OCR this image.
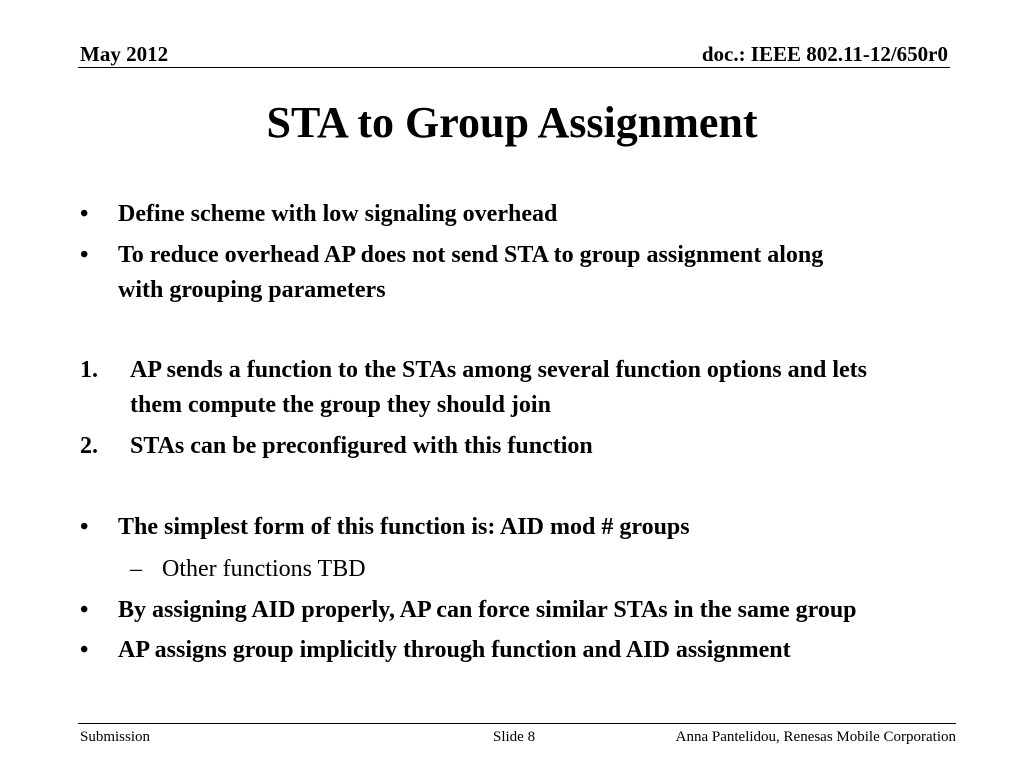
May 2012	doc.: IEEE 802.11-12/650r0
STA to Group Assignment
• Define scheme with low signaling overhead
• To reduce overhead AP does not send STA to group assignment along
with grouping parameters
1. AP sends a function to the STAs among several function options and lets
them compute the group they should join
2. STAs can be preconfigured with this function
• The simplest form of this function is: AID mod # groups
– Other functions TBD
• By assigning AID properly, AP can force similar STAs in the same group
• AP assigns group implicitly through function and AID assignment
Submission	Slide 8	Anna Pantelidou, Renesas Mobile Corporation
